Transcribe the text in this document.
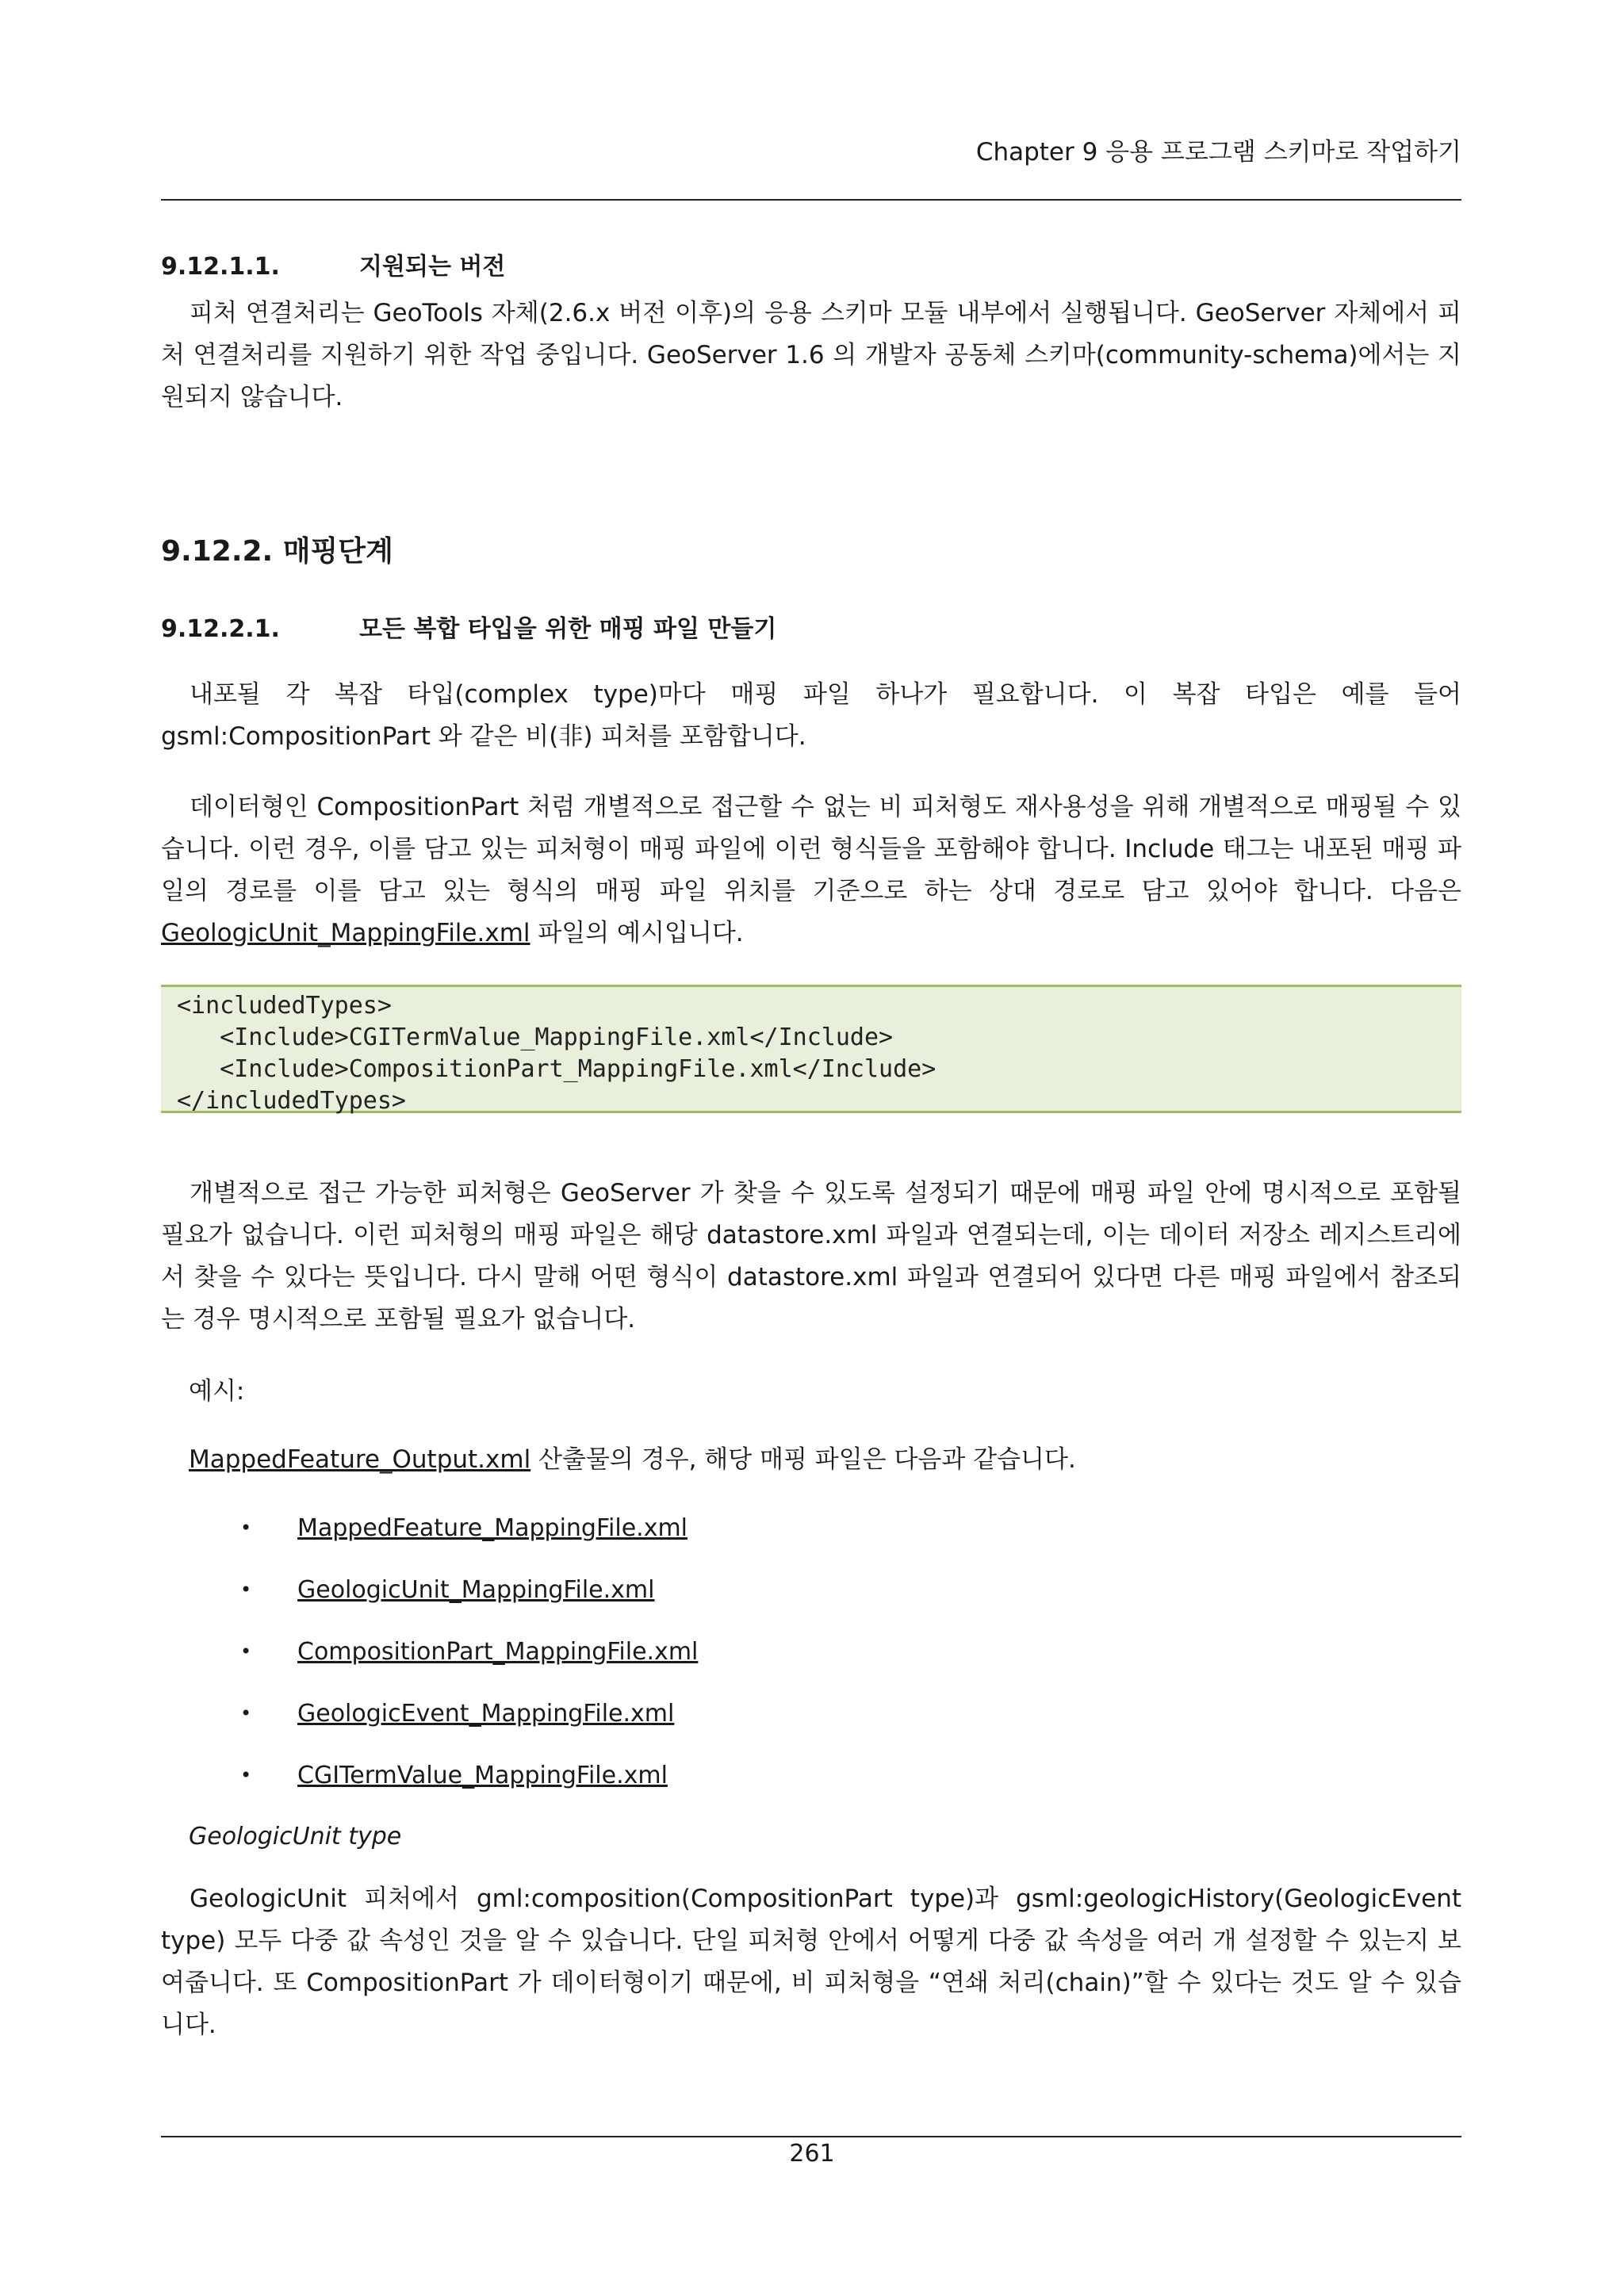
Chapter 9 응용 프로그램 스키마로 작업하기
9.12.1.1.	지원되는 버전

피처 연결처리는 GeoTools 자체(2.6.x 버전 이후)의 응용 스키마 모듈 내부에서 실행됩니다. GeoServer 자체에서 피처 연결처리를 지원하기 위한 작업 중입니다. GeoServer 1.6 의 개발자 공동체 스키마(community-schema)에서는 지원되지 않습니다.

9.12.2. 매핑단계
9.12.2.1.	모든 복합 타입을 위한 매핑 파일 만들기

내포될 각 복잡 타입(complex type)마다 매핑 파일 하나가 필요합니다. 이 복잡 타입은 예를 들어 gsml:CompositionPart 와 같은 비(非) 피처를 포함합니다.

데이터형인 CompositionPart 처럼 개별적으로 접근할 수 없는 비 피처형도 재사용성을 위해 개별적으로 매핑될 수 있습니다. 이런 경우, 이를 담고 있는 피처형이 매핑 파일에 이런 형식들을 포함해야 합니다. Include 태그는 내포된 매핑 파일의 경로를 이를 담고 있는 형식의 매핑 파일 위치를 기준으로 하는 상대 경로로 담고 있어야 합니다. 다음은 GeologicUnit_MappingFile.xml 파일의 예시입니다.

<includedTypes>
<Include>CGITermValue_MappingFile.xml</Include>
<Include>CompositionPart_MappingFile.xml</Include>
</includedTypes>

개별적으로 접근 가능한 피처형은 GeoServer 가 찾을 수 있도록 설정되기 때문에 매핑 파일 안에 명시적으로 포함될 필요가 없습니다. 이런 피처형의 매핑 파일은 해당 datastore.xml 파일과 연결되는데, 이는 데이터 저장소 레지스트리에서 찾을 수 있다는 뜻입니다. 다시 말해 어떤 형식이 datastore.xml 파일과 연결되어 있다면 다른 매핑 파일에서 참조되는 경우 명시적으로 포함될 필요가 없습니다.

예시:
MappedFeature_Output.xml 산출물의 경우, 해당 매핑 파일은 다음과 같습니다.
• MappedFeature_MappingFile.xml
• GeologicUnit_MappingFile.xml
• CompositionPart_MappingFile.xml
• GeologicEvent_MappingFile.xml
• CGITermValue_MappingFile.xml
GeologicUnit type

GeologicUnit 피처에서 gml:composition(CompositionPart type)과 gsml:geologicHistory(GeologicEvent type) 모두 다중 값 속성인 것을 알 수 있습니다. 단일 피처형 안에서 어떻게 다중 값 속성을 여러 개 설정할 수 있는지 보여줍니다. 또 CompositionPart 가 데이터형이기 때문에, 비 피처형을 “연쇄 처리(chain)”할 수 있다는 것도 알 수 있습니다.

261
